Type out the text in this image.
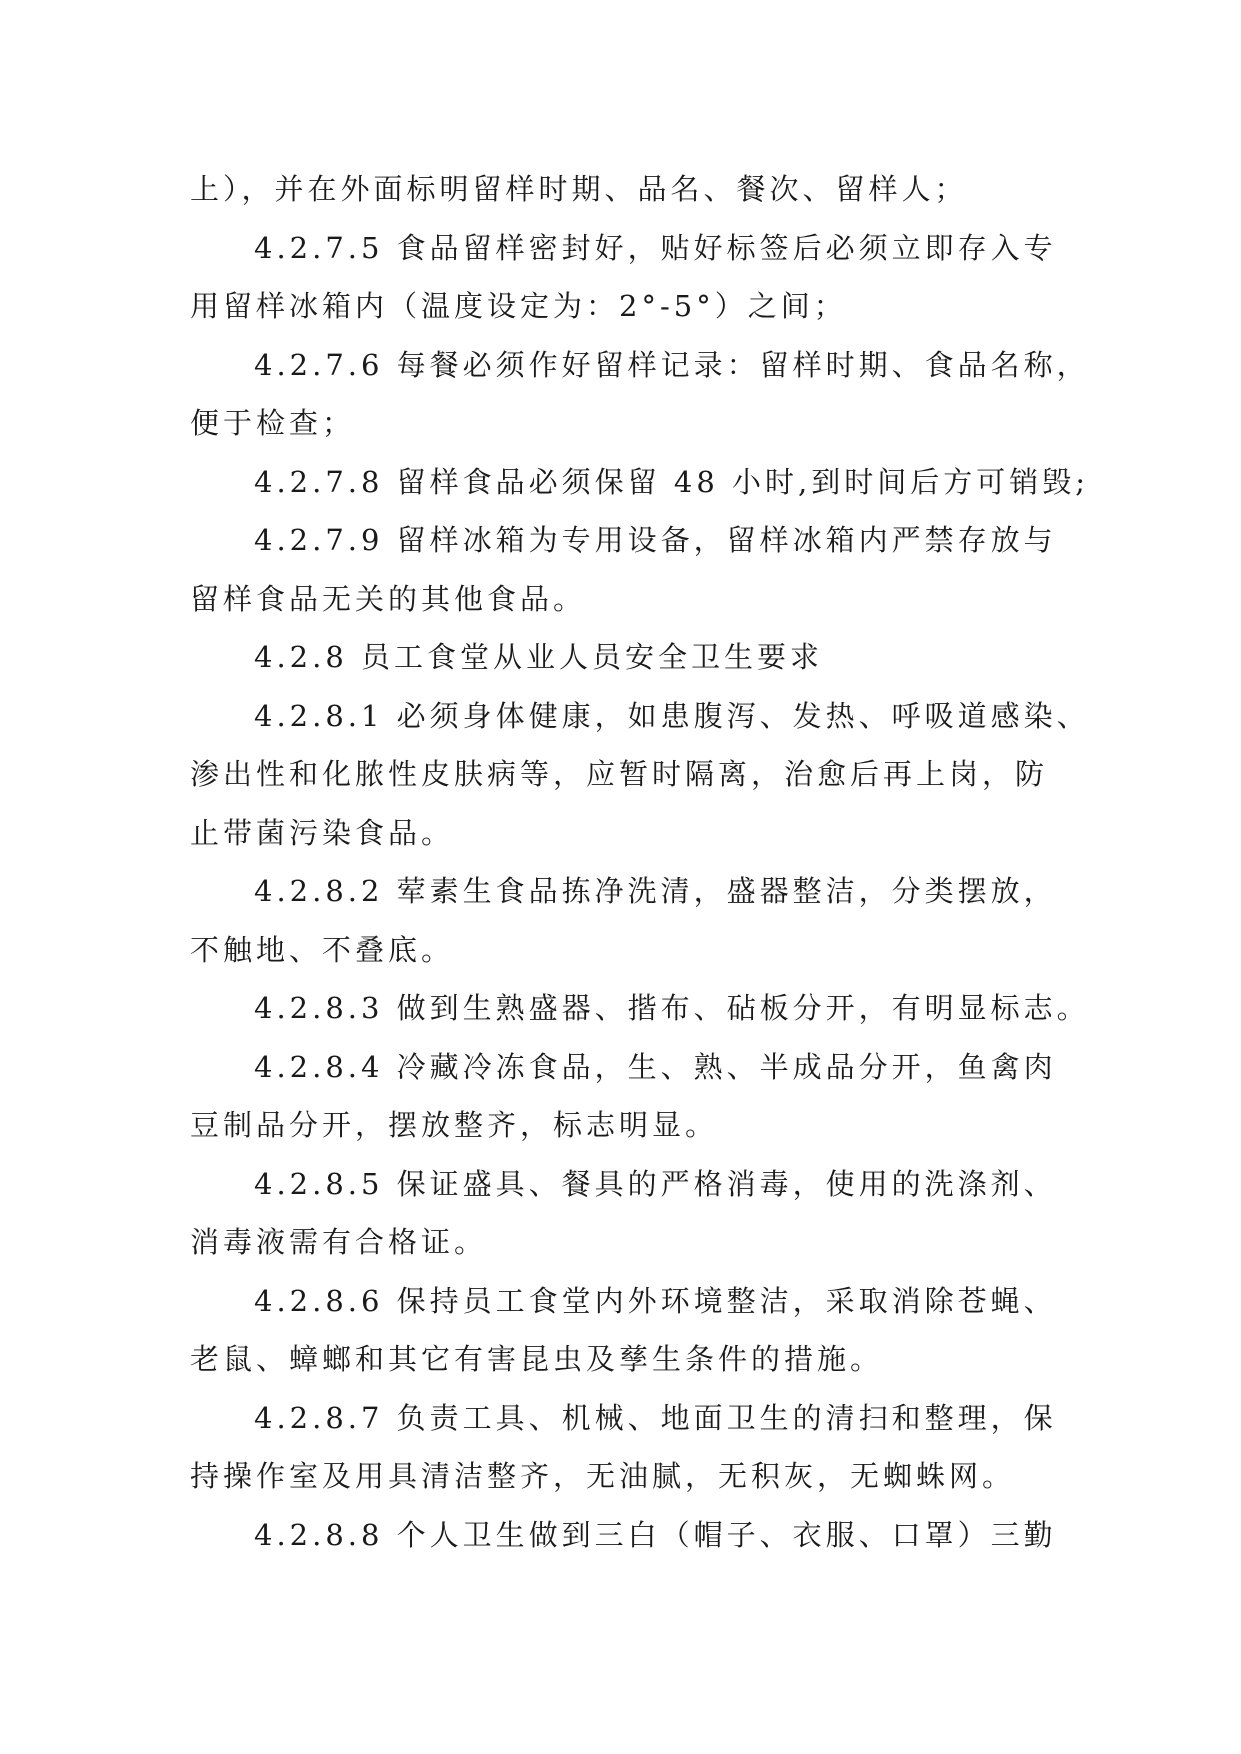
上），并在外面标明留样时期、品名、餐次、留样人；
4.2.7.5 食品留样密封好，贴好标签后必须立即存入专
用留样冰箱内（温度设定为：2°-5°）之间；
4.2.7.6 每餐必须作好留样记录：留样时期、食品名称，
便于检查；
4.2.7.8 留样食品必须保留 48 小时,到时间后方可销毁;
4.2.7.9 留样冰箱为专用设备，留样冰箱内严禁存放与
留样食品无关的其他食品。
4.2.8 员工食堂从业人员安全卫生要求
4.2.8.1 必须身体健康，如患腹泻、发热、呼吸道感染、
渗出性和化脓性皮肤病等，应暂时隔离，治愈后再上岗，防
止带菌污染食品。
4.2.8.2 荤素生食品拣净洗清，盛器整洁，分类摆放，
不触地、不叠底。
4.2.8.3 做到生熟盛器、揩布、砧板分开，有明显标志。
4.2.8.4 冷藏冷冻食品，生、熟、半成品分开，鱼禽肉
豆制品分开，摆放整齐，标志明显。
4.2.8.5 保证盛具、餐具的严格消毒，使用的洗涤剂、
消毒液需有合格证。
4.2.8.6 保持员工食堂内外环境整洁，采取消除苍蝇、
老鼠、蟑螂和其它有害昆虫及孳生条件的措施。
4.2.8.7 负责工具、机械、地面卫生的清扫和整理，保
持操作室及用具清洁整齐，无油腻，无积灰，无蜘蛛网。
4.2.8.8 个人卫生做到三白（帽子、衣服、口罩）三勤
